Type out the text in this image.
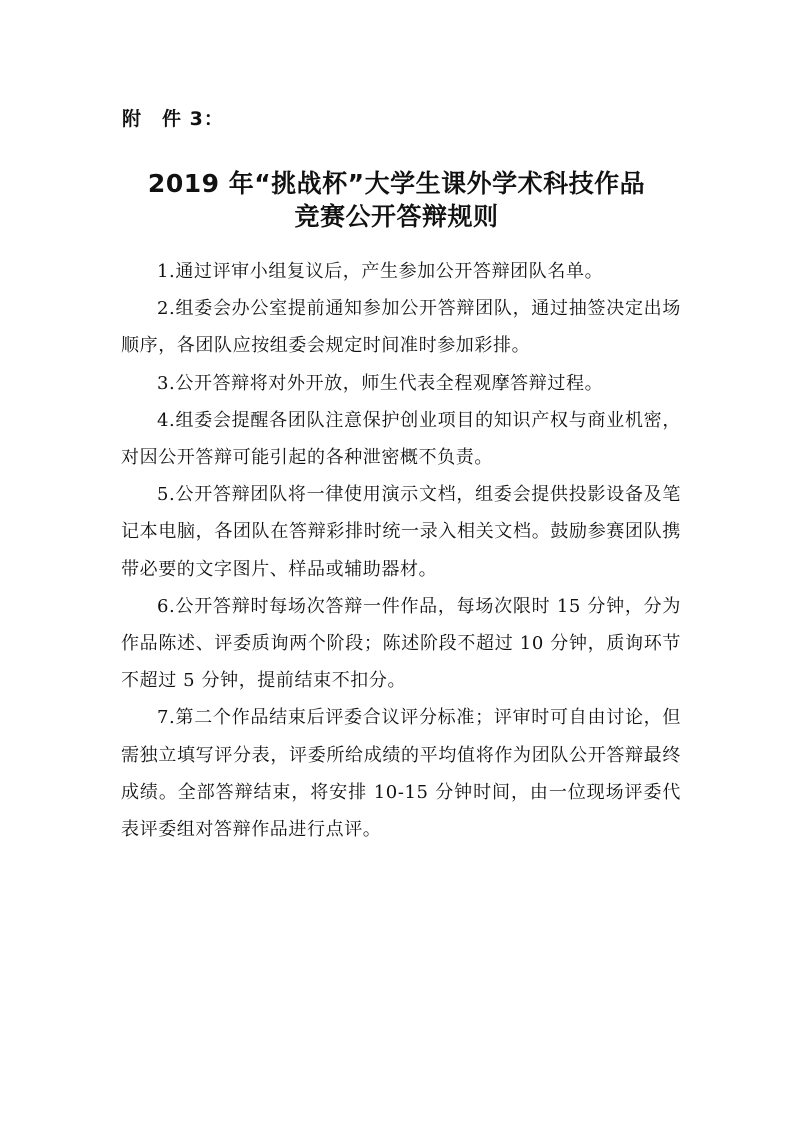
附　件 3：
2019 年“挑战杯”大学生课外学术科技作品
竞赛公开答辩规则

1.通过评审小组复议后，产生参加公开答辩团队名单。

2.组委会办公室提前通知参加公开答辩团队，通过抽签决定出场顺序，各团队应按组委会规定时间准时参加彩排。

3.公开答辩将对外开放，师生代表全程观摩答辩过程。

4.组委会提醒各团队注意保护创业项目的知识产权与商业机密，对因公开答辩可能引起的各种泄密概不负责。

5.公开答辩团队将一律使用演示文档，组委会提供投影设备及笔记本电脑，各团队在答辩彩排时统一录入相关文档。鼓励参赛团队携带必要的文字图片、样品或辅助器材。

6.公开答辩时每场次答辩一件作品，每场次限时 15 分钟，分为作品陈述、评委质询两个阶段；陈述阶段不超过 10 分钟，质询环节不超过 5 分钟，提前结束不扣分。

7.第二个作品结束后评委合议评分标准；评审时可自由讨论，但需独立填写评分表，评委所给成绩的平均值将作为团队公开答辩最终成绩。全部答辩结束，将安排 10-15 分钟时间，由一位现场评委代表评委组对答辩作品进行点评。
